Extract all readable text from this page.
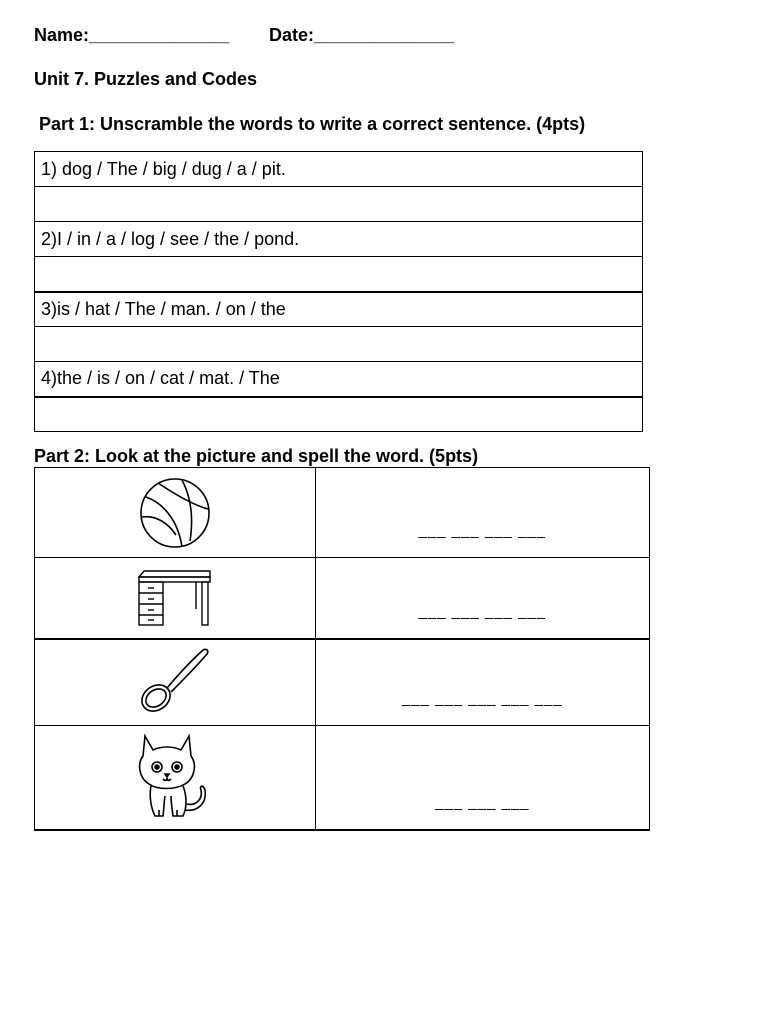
Name:______________ Date:______________
Unit 7. Puzzles and Codes
Part 1: Unscramble the words to write a correct sentence. (4pts)
1) dog / The / big / dug / a / pit.

2)I / in / a / log / see / the / pond.

3)is / hat / The / man. / on / the

4)the / is / on / cat / mat. / The

Part 2: Look at the picture and spell the word. (5pts)

___ ___ ___ ___

___ ___ ___ ___

___ ___ ___ ___ ___

___ ___ ___
